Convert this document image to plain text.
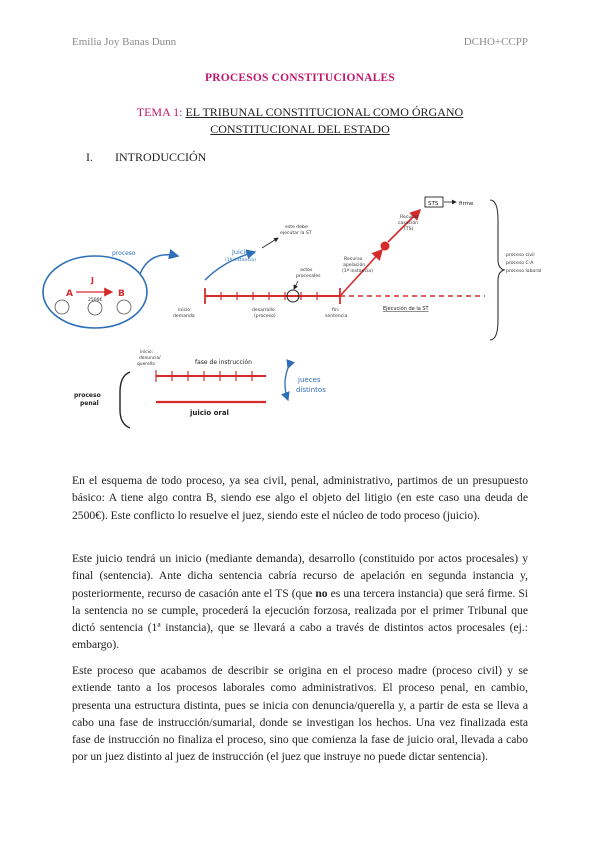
Emilia Joy Banas Dunn	DCHO+CCPP
PROCESOS CONSTITUCIONALES
TEMA 1: EL TRIBUNAL CONSTITUCIONAL COMO ÓRGANO
CONSTITUCIONAL DEL ESTADO
I. INTRODUCCIÓN
A	B
J
2500€
proceso
inicio:
demanda
desarrollo
(proceso)
actos
procesales
fin:
sentencia
este debe
ejecutar la ST
Juicio
(1ª instancia)	Recurso
apelación
(1ª instancia)
Recurso
casación
(TS)
STS	firme
Ejecución de la ST
proceso civil
proceso C-A
proceso laboral
proceso
penal
inicio:
denuncia/
querella	fase de instrucción
juicio oral
jueces
distintos

En el esquema de todo proceso, ya sea civil, penal, administrativo, partimos de un presupuesto básico: A tiene algo contra B, siendo ese algo el objeto del litigio (en este caso una deuda de 2500€). Este conflicto lo resuelve el juez, siendo este el núcleo de todo proceso (juicio).

Este juicio tendrá un inicio (mediante demanda), desarrollo (constituido por actos procesales) y final (sentencia). Ante dicha sentencia cabría recurso de apelación en segunda instancia y, posteriormente, recurso de casación ante el TS (que no es una tercera instancia) que será firme. Si la sentencia no se cumple, procederá la ejecución forzosa, realizada por el primer Tribunal que dictó sentencia (1ª instancia), que se llevará a cabo a través de distintos actos procesales (ej.: embargo).

Este proceso que acabamos de describir se origina en el proceso madre (proceso civil) y se extiende tanto a los procesos laborales como administrativos. El proceso penal, en cambio, presenta una estructura distinta, pues se inicia con denuncia/querella y, a partir de esta se lleva a cabo una fase de instrucción/sumarial, donde se investigan los hechos. Una vez finalizada esta fase de instrucción no finaliza el proceso, sino que comienza la fase de juicio oral, llevada a cabo por un juez distinto al juez de instrucción (el juez que instruye no puede dictar sentencia).
